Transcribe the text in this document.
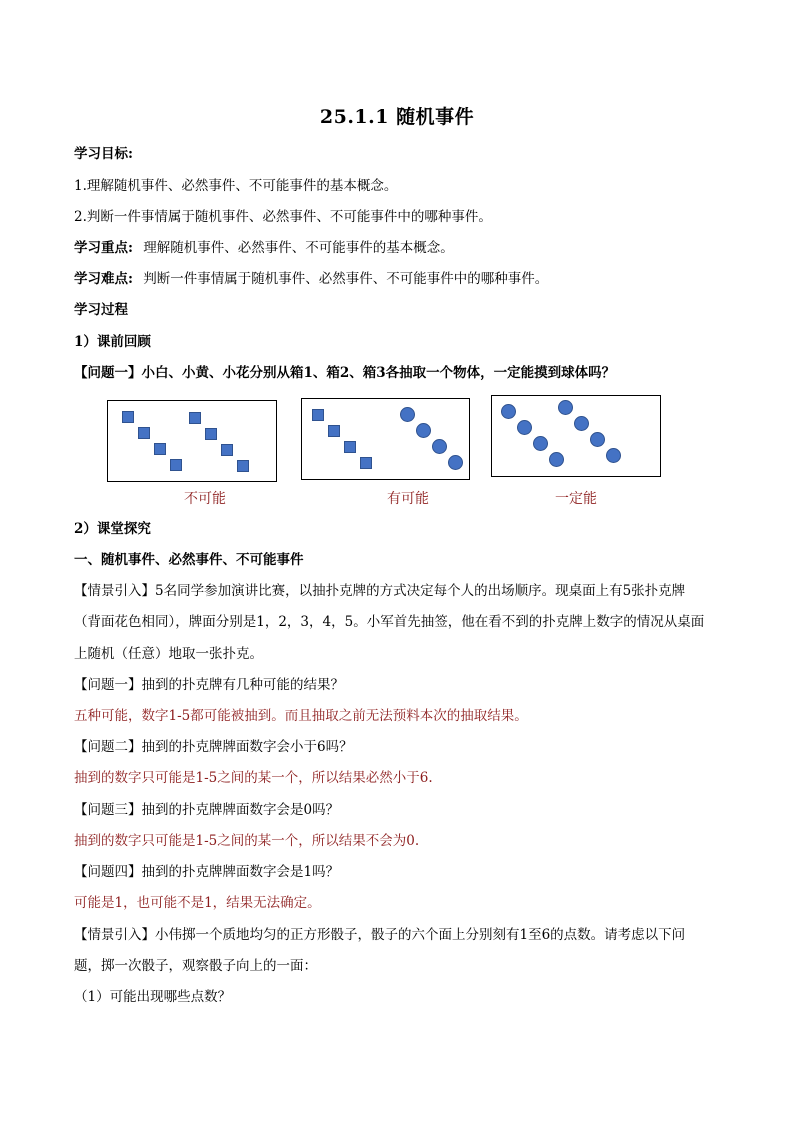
25.1.1 随机事件
学习目标:
1.理解随机事件、必然事件、不可能事件的基本概念。
2.判断一件事情属于随机事件、必然事件、不可能事件中的哪种事件。
学习重点: 理解随机事件、必然事件、不可能事件的基本概念。
学习难点: 判断一件事情属于随机事件、必然事件、不可能事件中的哪种事件。
学习过程
1）课前回顾
【问题一】小白、小黄、小花分别从箱1、箱2、箱3各抽取一个物体，一定能摸到球体吗？
不可能	有可能	一定能
2）课堂探究
一、随机事件、必然事件、不可能事件
【情景引入】5名同学参加演讲比赛，以抽扑克牌的方式决定每个人的出场顺序。现桌面上有5张扑克牌
（背面花色相同），牌面分别是1，2，3，4，5。小军首先抽签，他在看不到的扑克牌上数字的情况从桌面
上随机（任意）地取一张扑克。
【问题一】抽到的扑克牌有几种可能的结果？
五种可能，数字1-5都可能被抽到。而且抽取之前无法预料本次的抽取结果。
【问题二】抽到的扑克牌牌面数字会小于6吗？
抽到的数字只可能是1-5之间的某一个，所以结果必然小于6.
【问题三】抽到的扑克牌牌面数字会是0吗？
抽到的数字只可能是1-5之间的某一个，所以结果不会为0.
【问题四】抽到的扑克牌牌面数字会是1吗？
可能是1，也可能不是1，结果无法确定。
【情景引入】小伟掷一个质地均匀的正方形骰子，骰子的六个面上分别刻有1至6的点数。请考虑以下问
题，掷一次骰子，观察骰子向上的一面：
（1）可能出现哪些点数？
